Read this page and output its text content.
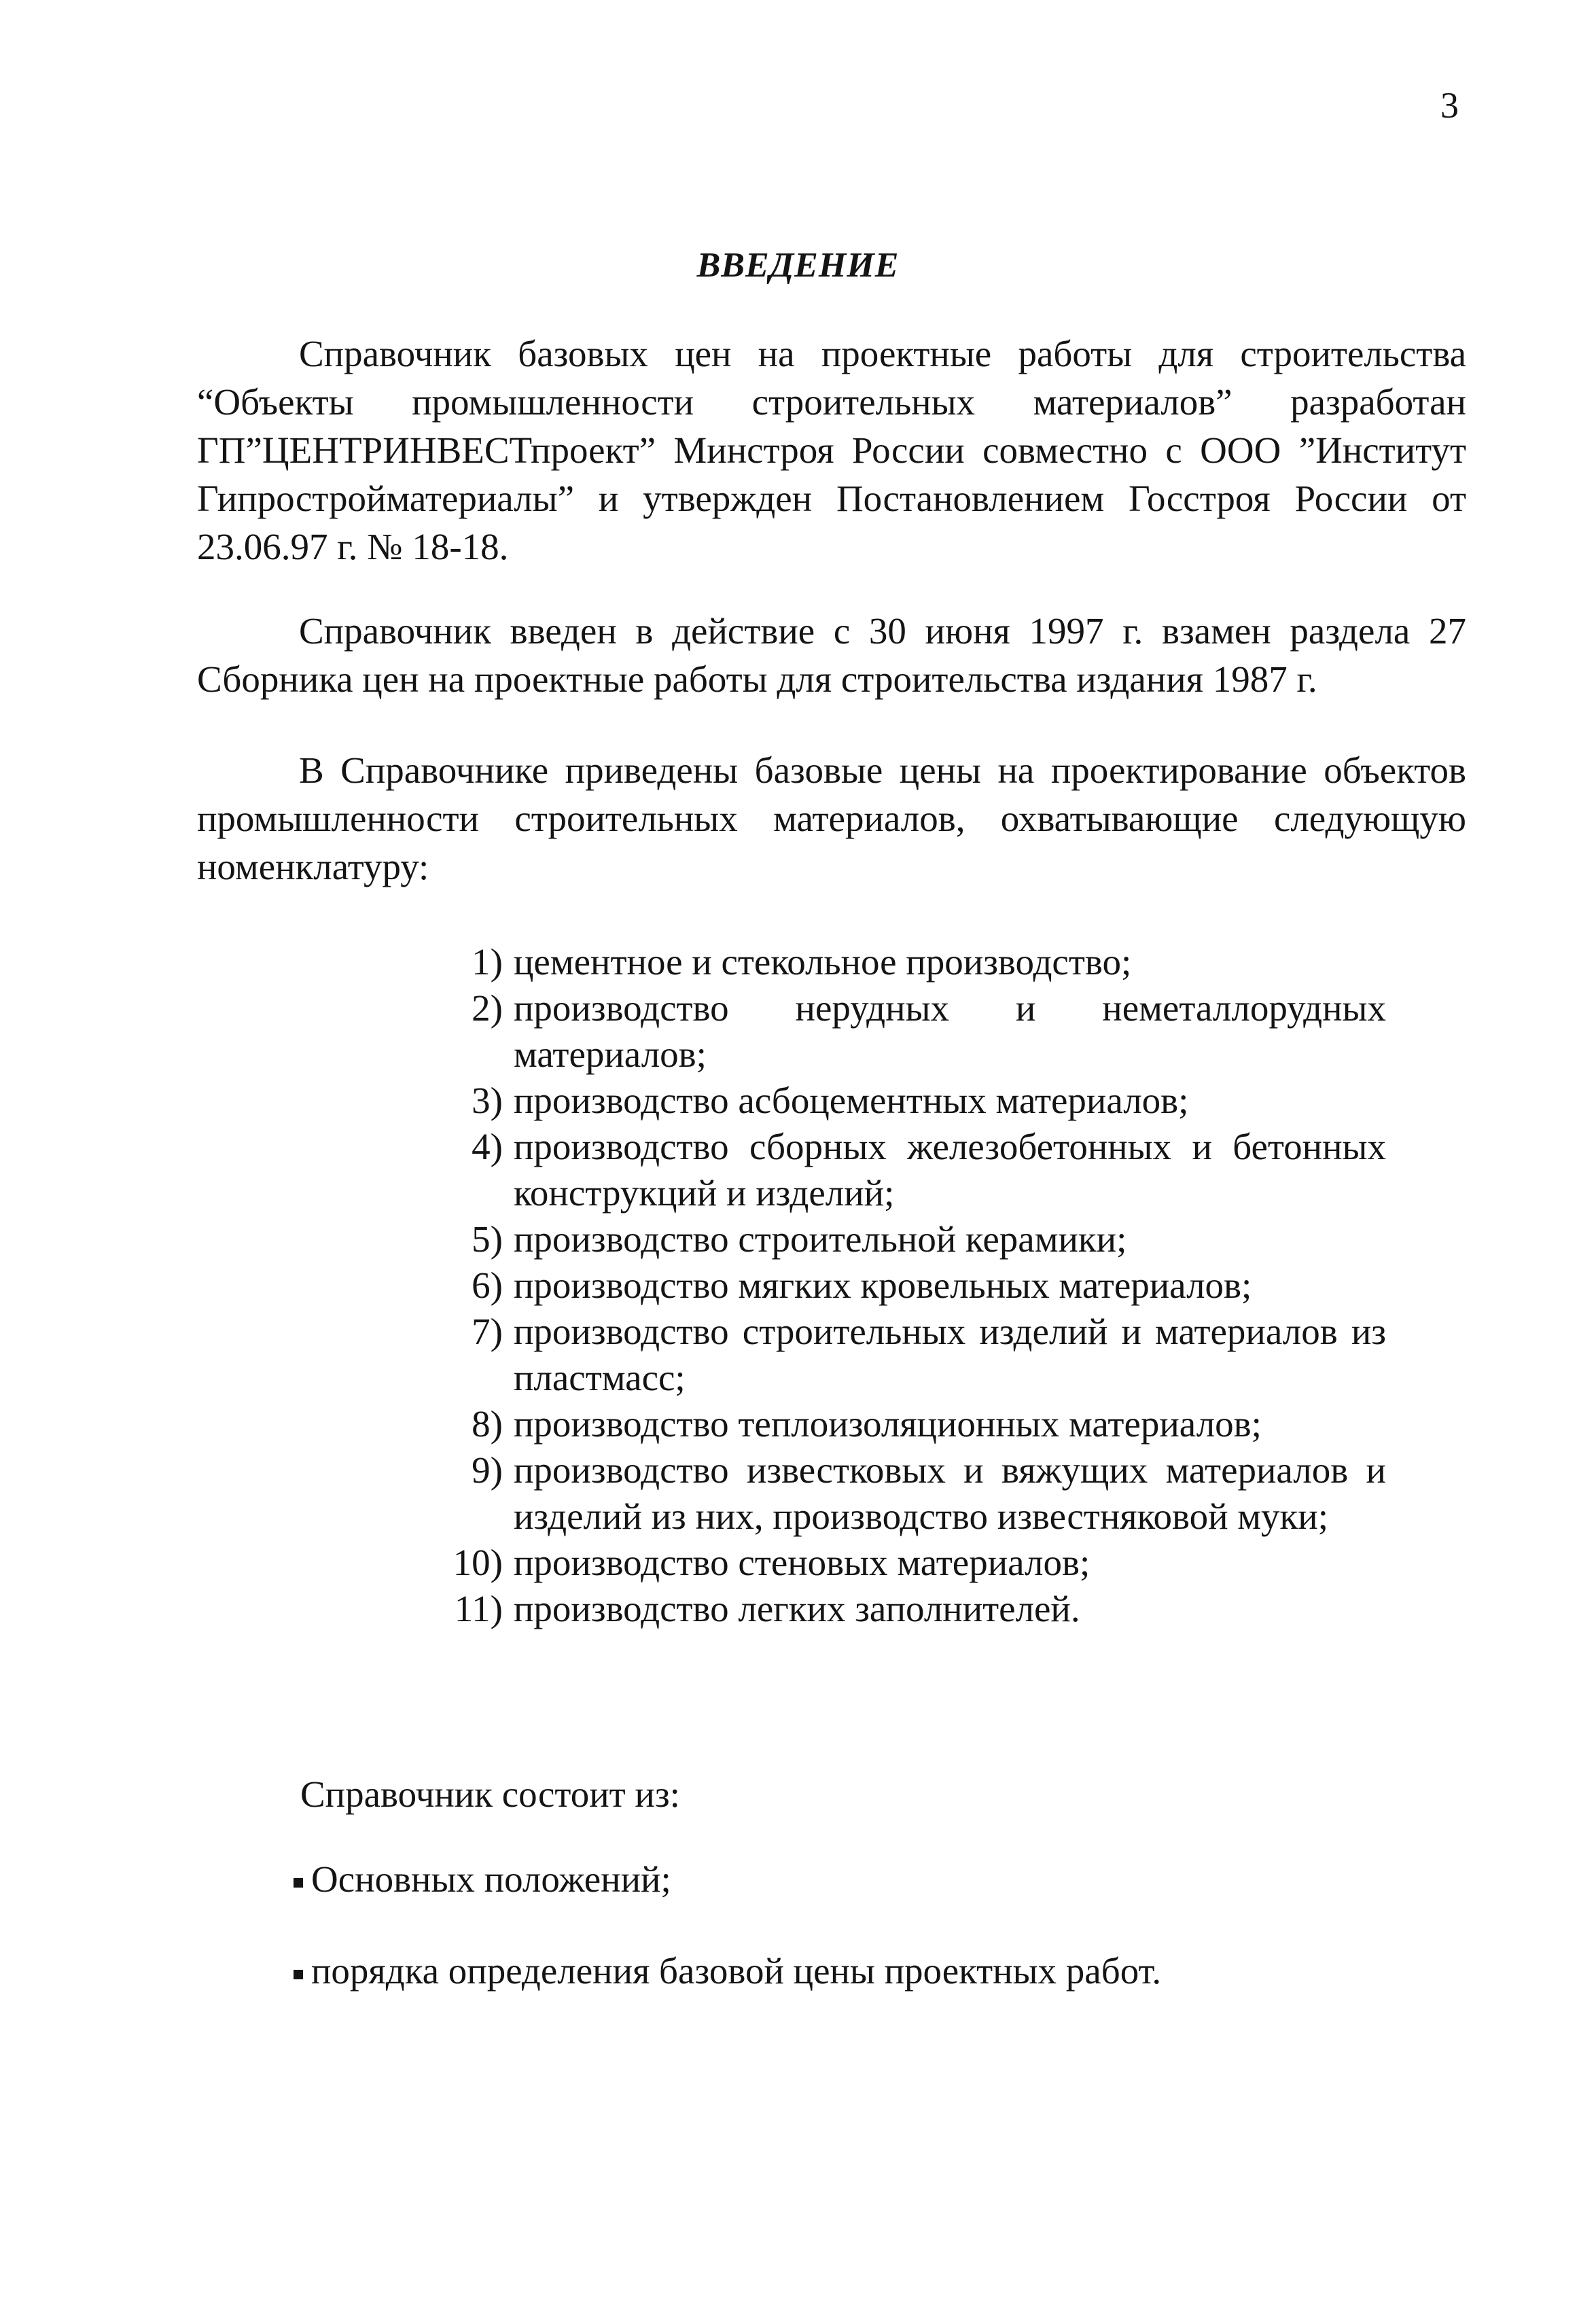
3
ВВЕДЕНИЕ

Справочник базовых цен на проектные работы для строительства “Объекты промышленности строительных материалов” разработан ГП”ЦЕНТРИНВЕСТпроект” Минстроя России совместно с ООО ”Институт Гипростройматериалы” и утвержден Постановлением Госстроя России от 23.06.97 г. № 18-18.

Справочник введен в действие с 30 июня 1997 г. взамен раздела 27 Сборника цен на проектные работы для строительства издания 1987 г.

В Справочнике приведены базовые цены на проектирование объектов промышленности строительных материалов, охватывающие следующую номенклатуру:

1) цементное и стекольное производство;
2) производство нерудных и неметаллорудных материалов;
3) производство асбоцементных материалов;
4) производство сборных железобетонных и бетонных конструкций и изделий;
5) производство строительной керамики;
6) производство мягких кровельных материалов;
7) производство строительных изделий и материалов из пластмасс;
8) производство теплоизоляционных материалов;
9) производство известковых и вяжущих материалов и изделий из них, производство известняковой муки;
10) производство стеновых материалов;
11) производство легких заполнителей.

Справочник состоит из:

Основных положений;
порядка определения базовой цены проектных работ.
